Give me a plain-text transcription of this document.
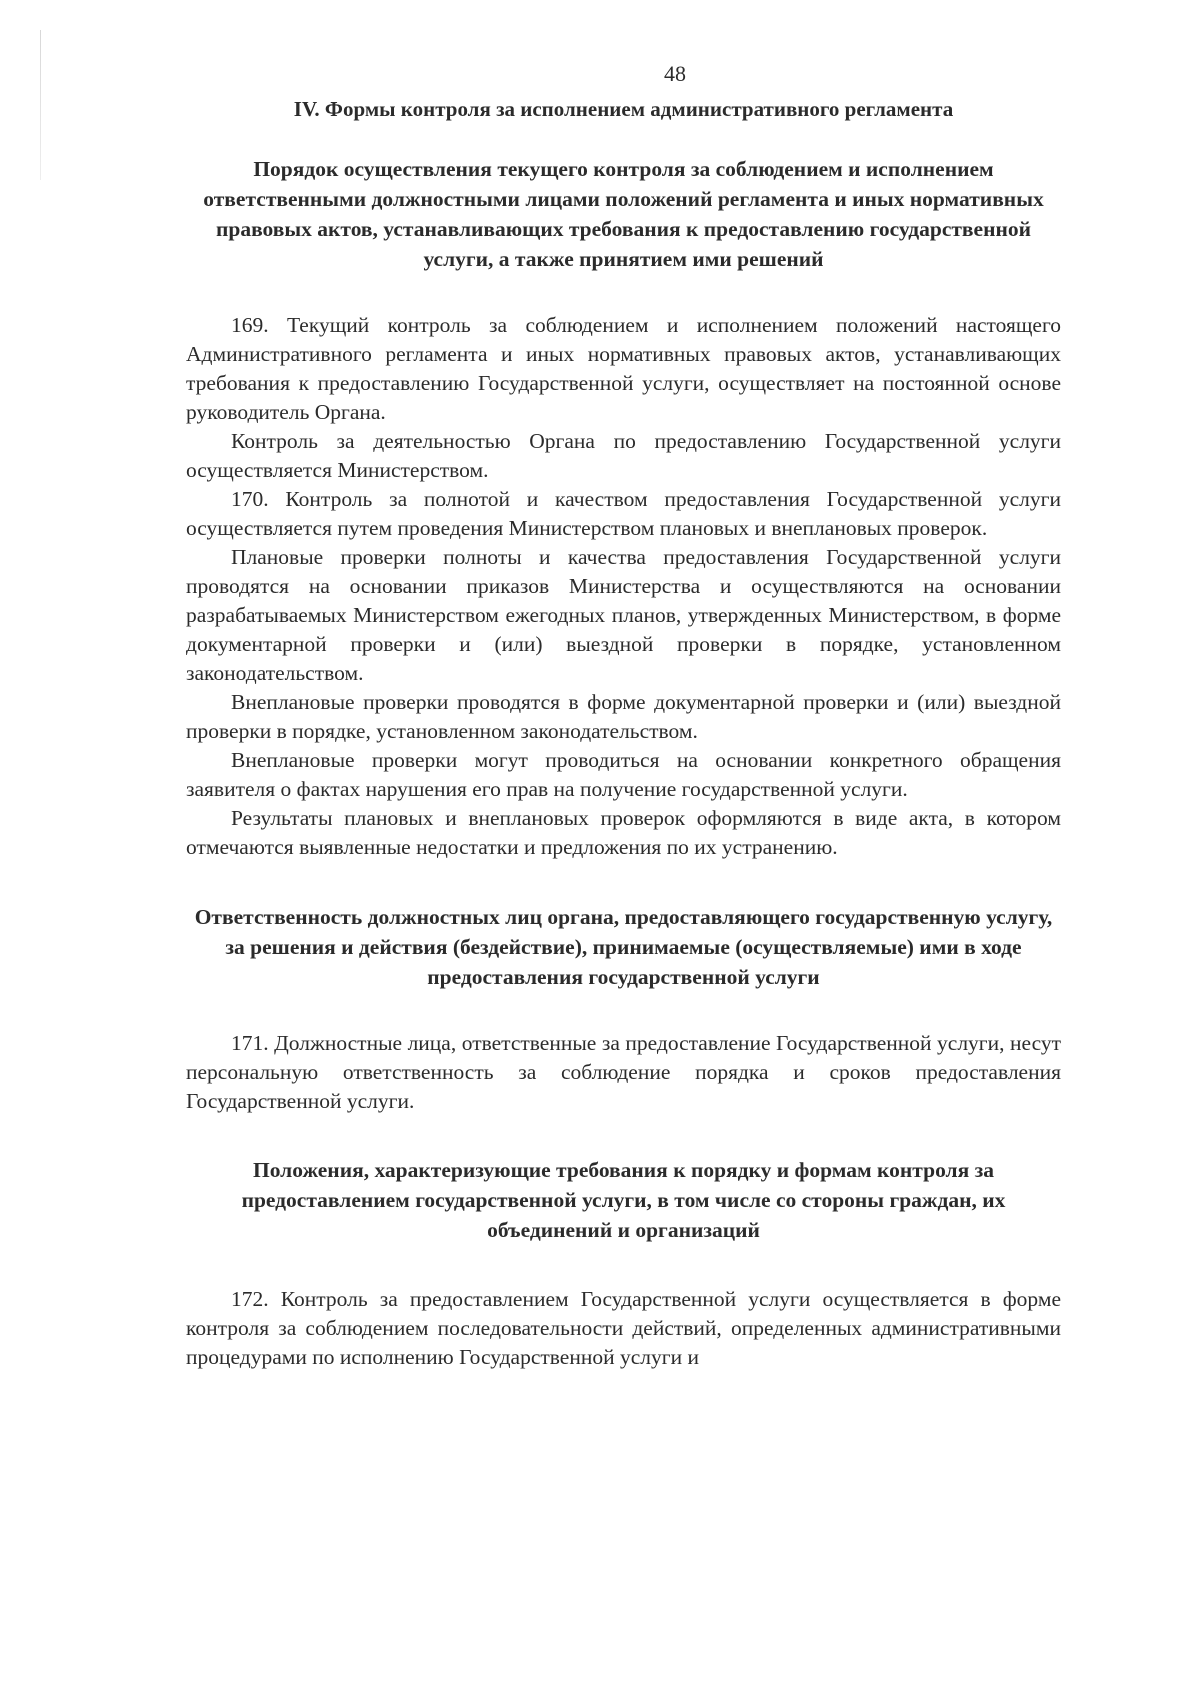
48
IV. Формы контроля за исполнением административного регламента
Порядок осуществления текущего контроля за соблюдением и исполнением ответственными должностными лицами положений регламента и иных нормативных правовых актов, устанавливающих требования к предоставлению государственной услуги, а также принятием ими решений

169. Текущий контроль за соблюдением и исполнением положений настоящего Административного регламента и иных нормативных правовых актов, устанавливающих требования к предоставлению Государственной услуги, осуществляет на постоянной основе руководитель Органа.

Контроль за деятельностью Органа по предоставлению Государственной услуги осуществляется Министерством.

170. Контроль за полнотой и качеством предоставления Государственной услуги осуществляется путем проведения Министерством плановых и внеплановых проверок.

Плановые проверки полноты и качества предоставления Государственной услуги проводятся на основании приказов Министерства и осуществляются на основании разрабатываемых Министерством ежегодных планов, утвержденных Министерством, в форме документарной проверки и (или) выездной проверки в порядке, установленном законодательством.

Внеплановые проверки проводятся в форме документарной проверки и (или) выездной проверки в порядке, установленном законодательством.

Внеплановые проверки могут проводиться на основании конкретного обращения заявителя о фактах нарушения его прав на получение государственной услуги.

Результаты плановых и внеплановых проверок оформляются в виде акта, в котором отмечаются выявленные недостатки и предложения по их устранению.

Ответственность должностных лиц органа, предоставляющего государственную услугу, за решения и действия (бездействие), принимаемые (осуществляемые) ими в ходе предоставления государственной услуги

171. Должностные лица, ответственные за предоставление Государственной услуги, несут персональную ответственность за соблюдение порядка и сроков предоставления Государственной услуги.

Положения, характеризующие требования к порядку и формам контроля за предоставлением государственной услуги, в том числе со стороны граждан, их объединений и организаций

172. Контроль за предоставлением Государственной услуги осуществляется в форме контроля за соблюдением последовательности действий, определенных административными процедурами по исполнению Государственной услуги и
